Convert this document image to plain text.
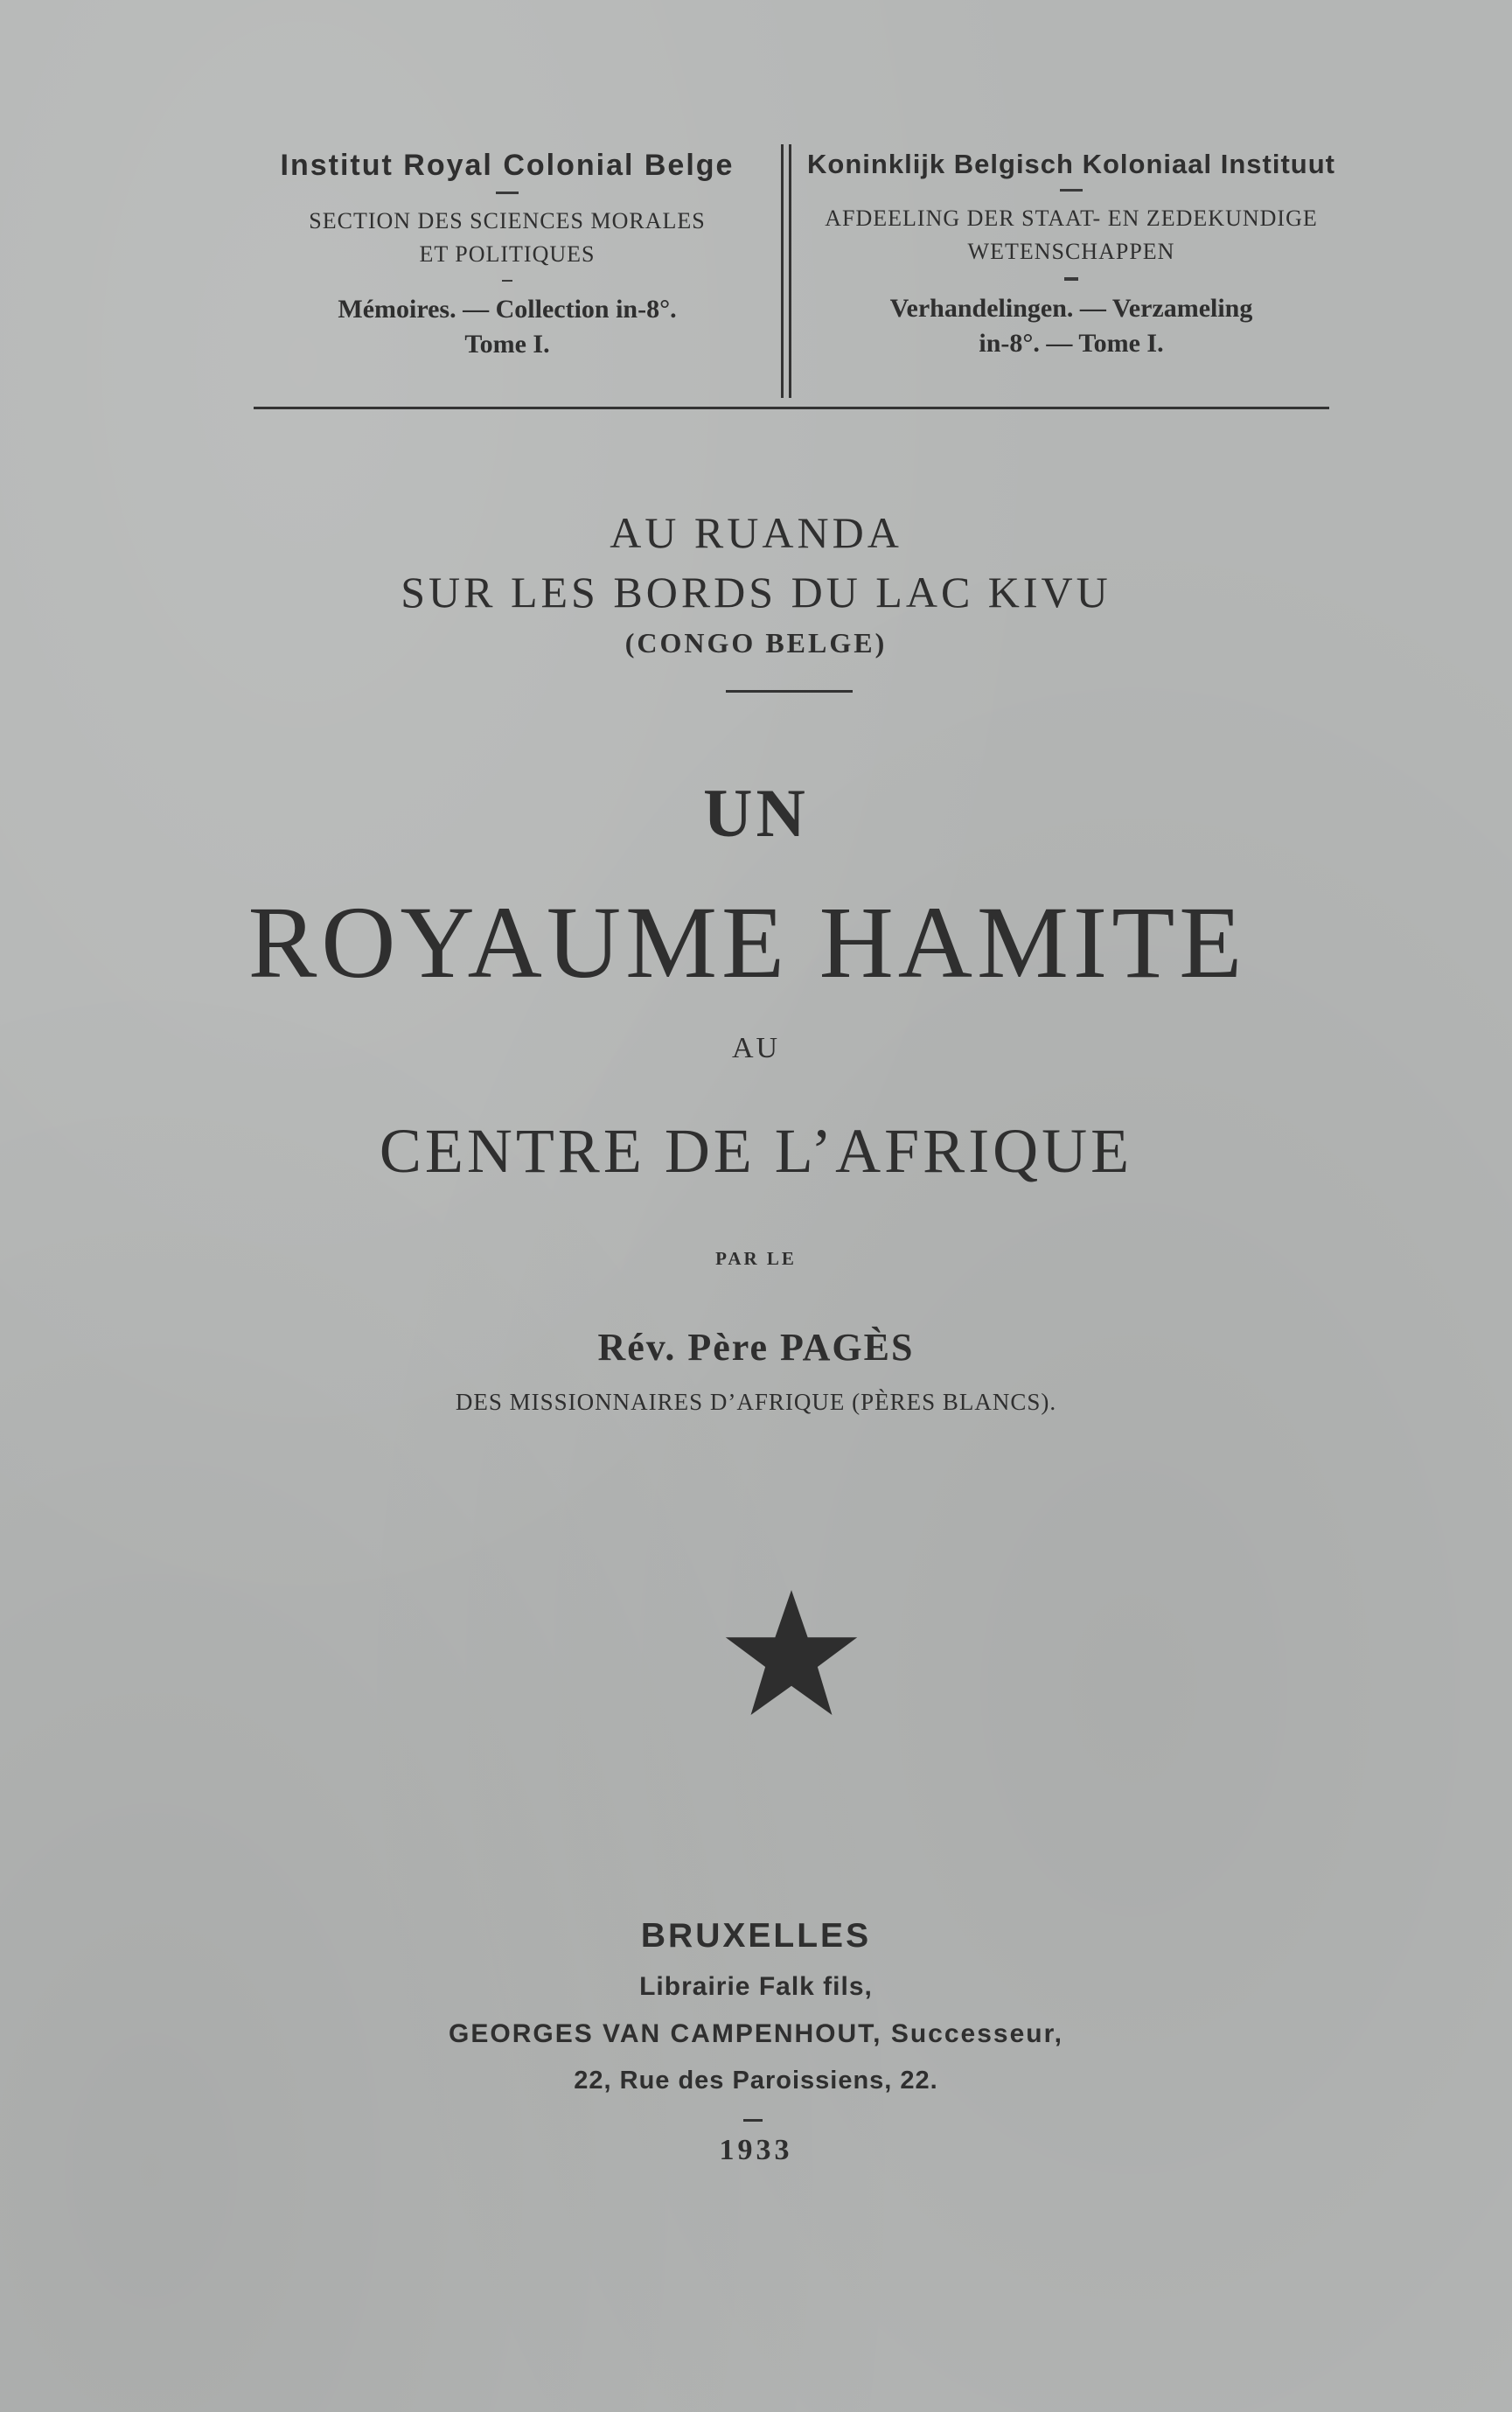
Institut Royal Colonial Belge
SECTION DES SCIENCES MORALES
ET POLITIQUES
Mémoires. — Collection in-8°.
Tome I.
Koninklijk Belgisch Koloniaal Instituut
AFDEELING DER STAAT- EN ZEDEKUNDIGE
WETENSCHAPPEN
Verhandelingen. — Verzameling
in-8°. — Tome I.
AU RUANDA
SUR LES BORDS DU LAC KIVU
(CONGO BELGE)
UN
ROYAUME HAMITE
AU
CENTRE DE L’AFRIQUE
PAR LE
Rév. Père PAGÈS
DES MISSIONNAIRES D’AFRIQUE (PÈRES BLANCS).
BRUXELLES
Librairie Falk fils,
GEORGES VAN CAMPENHOUT, Successeur,
22, Rue des Paroissiens, 22.
1933
